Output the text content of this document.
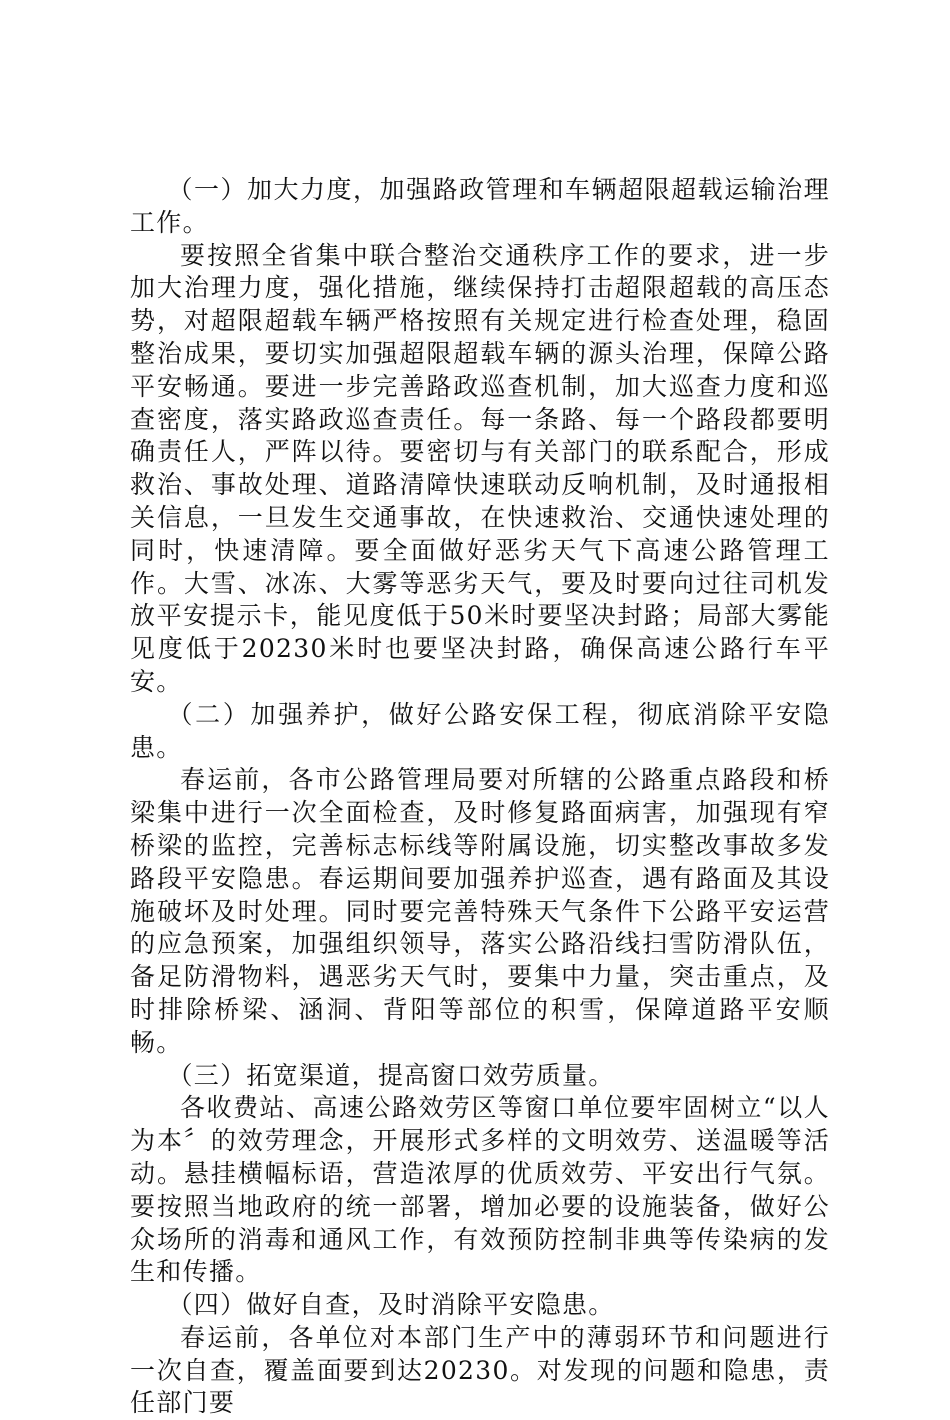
（一）加大力度，加强路政管理和车辆超限超载运输治理工作。

要按照全省集中联合整治交通秩序工作的要求，进一步加大治理力度，强化措施，继续保持打击超限超载的高压态势，对超限超载车辆严格按照有关规定进行检查处理，稳固整治成果，要切实加强超限超载车辆的源头治理，保障公路平安畅通。要进一步完善路政巡查机制，加大巡查力度和巡查密度，落实路政巡查责任。每一条路、每一个路段都要明确责任人，严阵以待。要密切与有关部门的联系配合，形成救治、事故处理、道路清障快速联动反响机制，及时通报相关信息，一旦发生交通事故，在快速救治、交通快速处理的同时，快速清障。要全面做好恶劣天气下高速公路管理工作。大雪、冰冻、大雾等恶劣天气，要及时要向过往司机发放平安提示卡，能见度低于50米时要坚决封路；局部大雾能见度低于20230米时也要坚决封路，确保高速公路行车平安。

（二）加强养护，做好公路安保工程，彻底消除平安隐患。

春运前，各市公路管理局要对所辖的公路重点路段和桥梁集中进行一次全面检查，及时修复路面病害，加强现有窄桥梁的监控，完善标志标线等附属设施，切实整改事故多发路段平安隐患。春运期间要加强养护巡查，遇有路面及其设施破坏及时处理。同时要完善特殊天气条件下公路平安运营的应急预案，加强组织领导，落实公路沿线扫雪防滑队伍，备足防滑物料，遇恶劣天气时，要集中力量，突击重点，及时排除桥梁、涵洞、背阳等部位的积雪，保障道路平安顺畅。

（三）拓宽渠道，提高窗口效劳质量。

各收费站、高速公路效劳区等窗口单位要牢固树立“以人为本〞的效劳理念，开展形式多样的文明效劳、送温暖等活动。悬挂横幅标语，营造浓厚的优质效劳、平安出行气氛。要按照当地政府的统一部署，增加必要的设施装备，做好公众场所的消毒和通风工作，有效预防控制非典等传染病的发生和传播。

（四）做好自查，及时消除平安隐患。

春运前，各单位对本部门生产中的薄弱环节和问题进行一次自查，覆盖面要到达20230。对发现的问题和隐患，责任部门要
